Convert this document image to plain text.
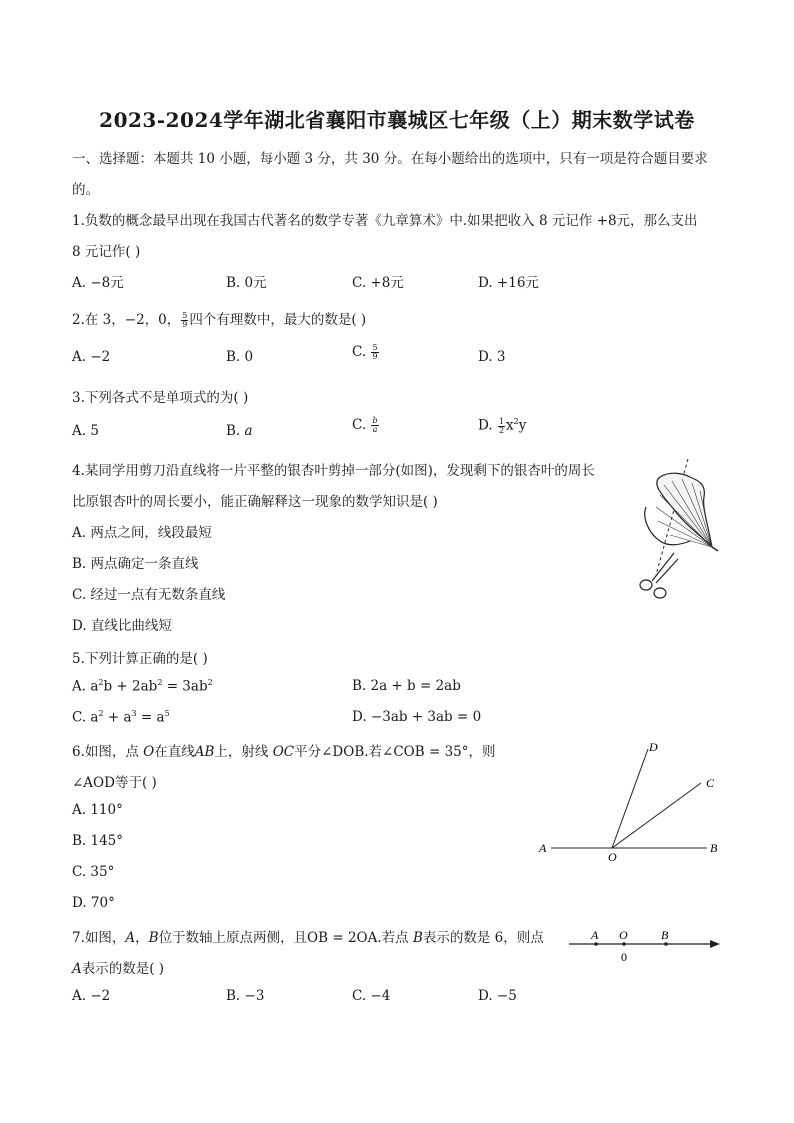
2023-2024学年湖北省襄阳市襄城区七年级（上）期末数学试卷
一、选择题：本题共 10 小题，每小题 3 分，共 30 分。在每小题给出的选项中，只有一项是符合题目要求
的。
1.负数的概念最早出现在我国古代著名的数学专著《九章算术》中.如果把收入 8 元记作 +8元，那么支出
8 元记作( )
A. −8元	B. 0元	C. +8元	D. +16元
2.在 3，−2，0， $\frac{5}{9}$ 四个有理数中，最大的数是( )
A. −2	B. 0	C. $\frac{5}{9}$	D. 3
3.下列各式不是单项式的为( )
A. 5	B. a	C. $\frac{b}{a}$	D. $\frac{1}{2} x^2y$
4.某同学用剪刀沿直线将一片平整的银杏叶剪掉一部分(如图)，发现剩下的银杏叶的周长
比原银杏叶的周长要小，能正确解释这一现象的数学知识是( )
A. 两点之间，线段最短
B. 两点确定一条直线
C. 经过一点有无数条直线
D. 直线比曲线短
5.下列计算正确的是( )
A. $a^2b + 2ab^2 = 3ab^2$	B. 2a + b = 2ab
C. $a^2 + a^3 = a^5$	D. −3ab + 3ab = 0
6.如图，点 O在直线AB上，射线 OC平分∠DOB.若∠COB = 35°，则
∠AOD等于( )
A. 110°
B. 145°
C. 35°
D. 70°
A	B
C
D
O
7.如图，A，B位于数轴上原点两侧，且OB = 2OA.若点 B表示的数是 6，则点
A表示的数是( )
A. −2	B. −3	C. −4	D. −5
A O	B
0
